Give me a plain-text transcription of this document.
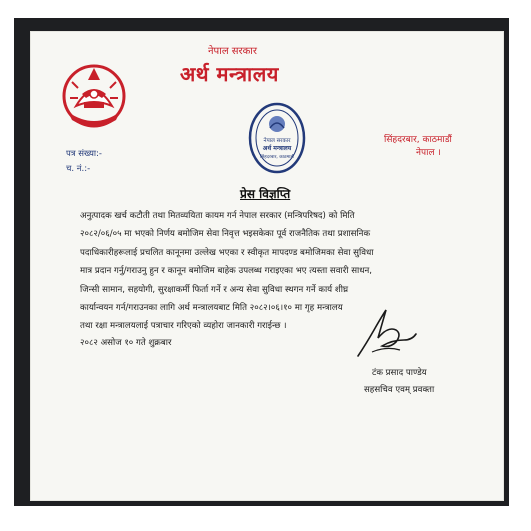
नेपाल सरकार
अर्थ मन्त्रालय
नेपाल सरकार
अर्थ मन्त्रालय
सिंहदरबार, काठमाडौं
पत्र संख्या:-
च. नं.:-
सिंहदरबार, काठमाडौं
नेपाल ।
प्रेस विज्ञप्ति
अनुत्पादक खर्च कटौती तथा मितव्ययिता कायम गर्न नेपाल सरकार (मन्त्रिपरिषद) को मिति
२०८२/०६/०५ मा भएको निर्णय बमोजिम सेवा निवृत्त भइसकेका पूर्व राजनैतिक तथा प्रशासनिक
पदाधिकारीहरूलाई प्रचलित कानूनमा उल्लेख भएका र स्वीकृत मापदण्ड बमोजिमका सेवा सुविधा
मात्र प्रदान गर्नु/गराउनु हुन र कानून बमोजिम बाहेक उपलब्ध गराइएका भए त्यस्ता सवारी साधन,
जिन्सी सामान, सहयोगी, सुरक्षाकर्मी फिर्ता गर्ने र अन्य सेवा सुविधा स्थगन गर्ने कार्य शीघ्र
कार्यान्वयन गर्न/गराउनका लागि अर्थ मन्त्रालयबाट मिति २०८२।०६।१० मा गृह मन्त्रालय
तथा रक्षा मन्त्रालयलाई पत्राचार गरिएको व्यहोरा जानकारी गराईन्छ ।
२०८२ असोज १० गते शुक्रबार
टंक प्रसाद पाण्डेय
सहसचिव एवम् प्रवक्ता
